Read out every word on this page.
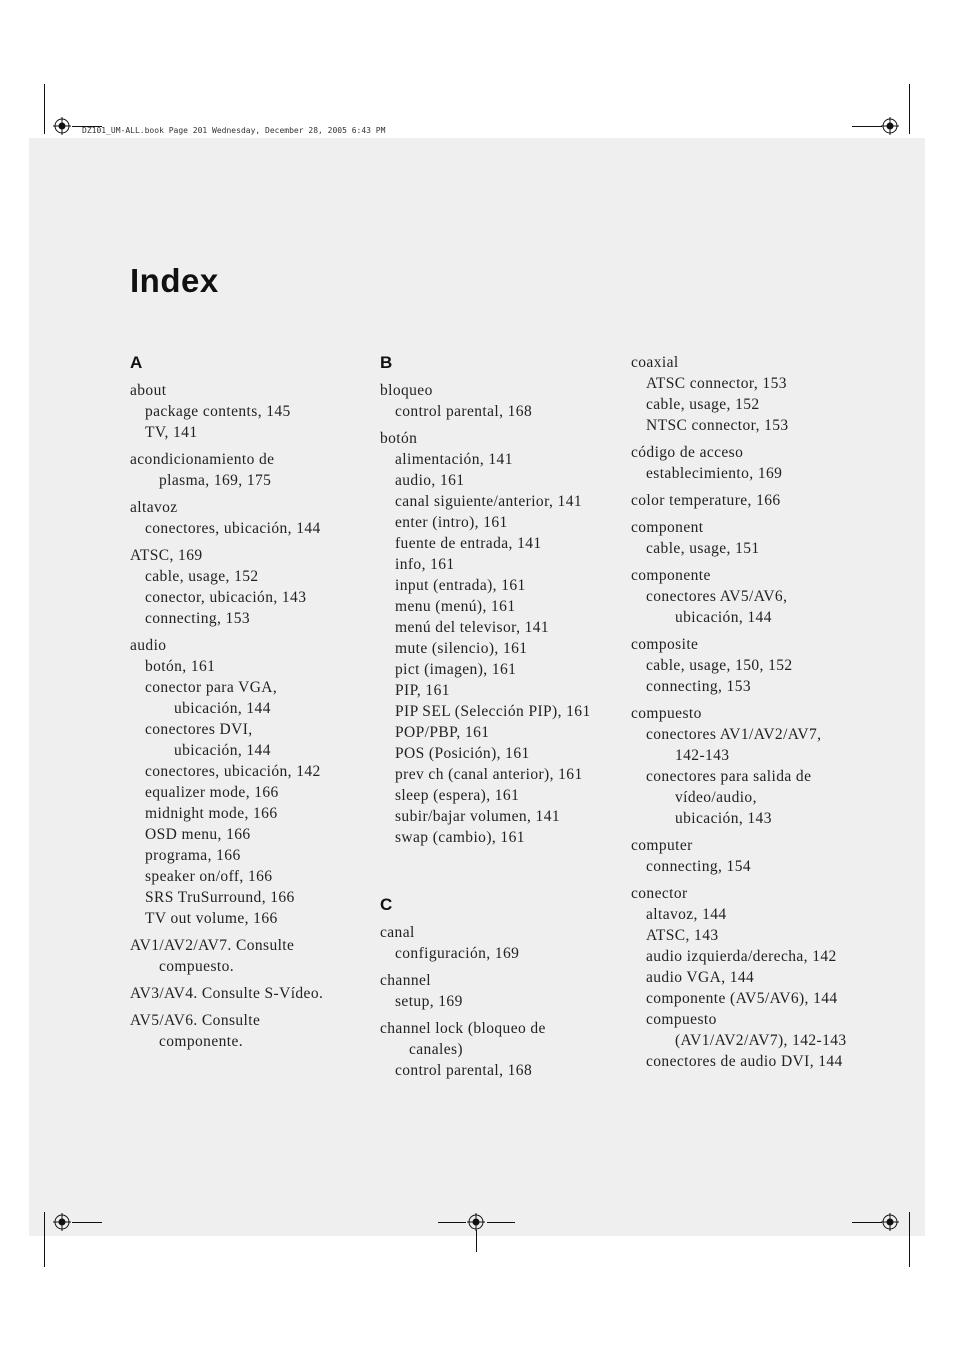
DZ101_UM-ALL.book Page 201 Wednesday, December 28, 2005 6:43 PM
Index
A
about
package contents, 145
TV, 141
acondicionamiento de
plasma, 169, 175
altavoz
conectores, ubicación, 144
ATSC, 169
cable, usage, 152
conector, ubicación, 143
connecting, 153
audio
botón, 161
conector para VGA,
ubicación, 144
conectores DVI,
ubicación, 144
conectores, ubicación, 142
equalizer mode, 166
midnight mode, 166
OSD menu, 166
programa, 166
speaker on/off, 166
SRS TruSurround, 166
TV out volume, 166
AV1/AV2/AV7. Consulte
compuesto.
AV3/AV4. Consulte S-Vídeo.
AV5/AV6. Consulte
componente.
B
bloqueo
control parental, 168
botón
alimentación, 141
audio, 161
canal siguiente/anterior, 141
enter (intro), 161
fuente de entrada, 141
info, 161
input (entrada), 161
menu (menú), 161
menú del televisor, 141
mute (silencio), 161
pict (imagen), 161
PIP, 161
PIP SEL (Selección PIP), 161
POP/PBP, 161
POS (Posición), 161
prev ch (canal anterior), 161
sleep (espera), 161
subir/bajar volumen, 141
swap (cambio), 161
C
canal
configuración, 169
channel
setup, 169
channel lock (bloqueo de
canales)
control parental, 168
coaxial
ATSC connector, 153
cable, usage, 152
NTSC connector, 153
código de acceso
establecimiento, 169
color temperature, 166
component
cable, usage, 151
componente
conectores AV5/AV6,
ubicación, 144
composite
cable, usage, 150, 152
connecting, 153
compuesto
conectores AV1/AV2/AV7,
142-143
conectores para salida de
vídeo/audio,
ubicación, 143
computer
connecting, 154
conector
altavoz, 144
ATSC, 143
audio izquierda/derecha, 142
audio VGA, 144
componente (AV5/AV6), 144
compuesto
(AV1/AV2/AV7), 142-143
conectores de audio DVI, 144
